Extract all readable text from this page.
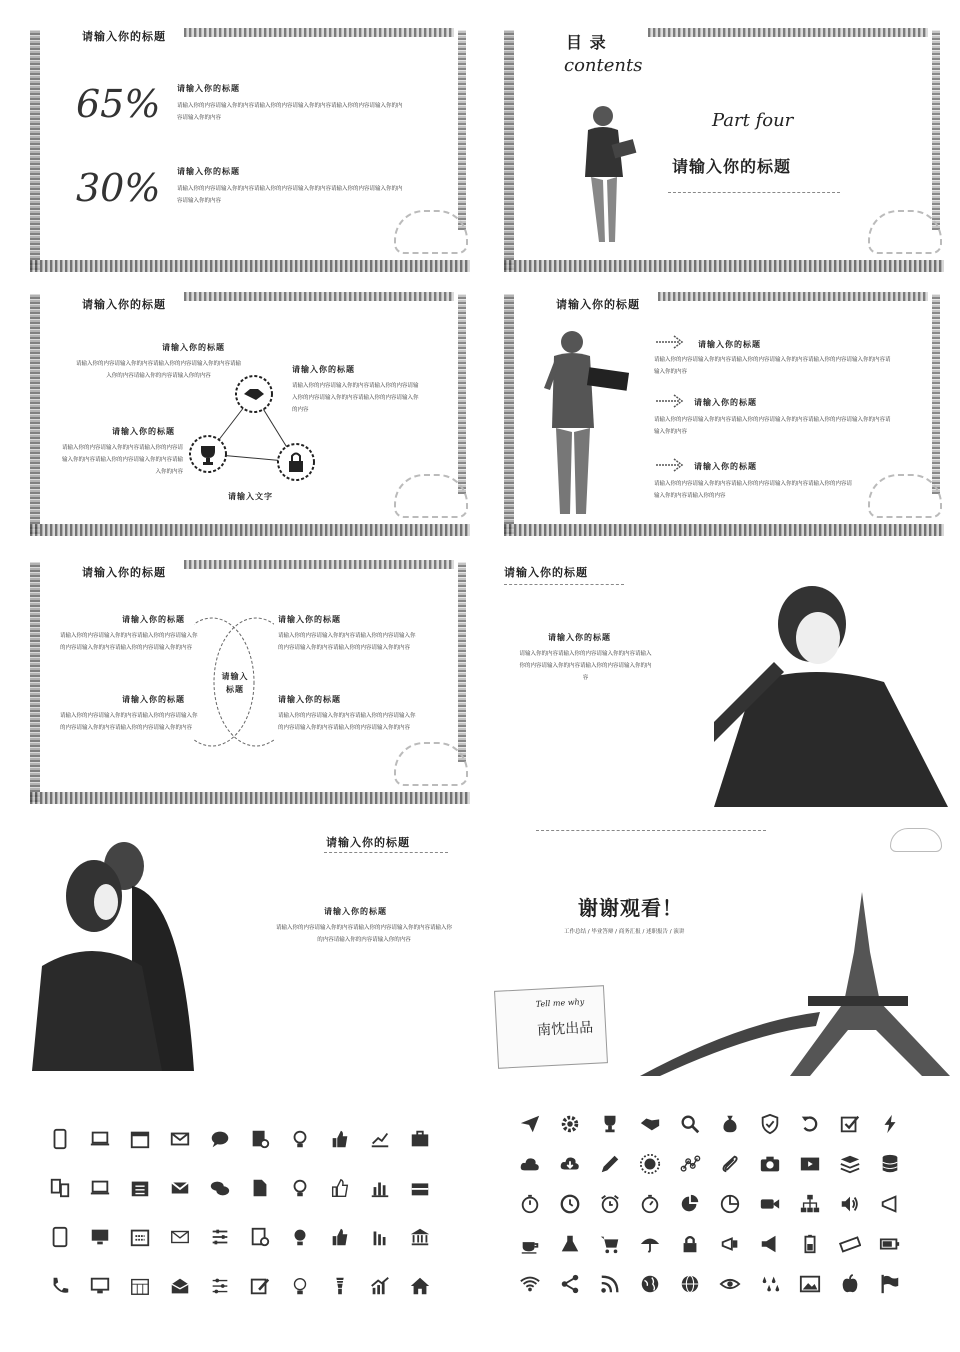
请输入你的标题
65% 请输入你的标题
请输入你的内容请输入你的内容请输入你的内容请输入你的内容请输入你的内容请输入你的内容请输入你的内容
30% 请输入你的标题
请输入你的内容请输入你的内容请输入你的内容请输入你的内容请输入你的内容请输入你的内容请输入你的内容
目 录
contents
Part four
请输入你的标题
请输入你的标题
请输入你的标题
请输入你的内容请输入你的内容请输入你的内容请输入你的内容请输入你的内容请输入你的内容请输入你的内容
请输入你的标题
请输入你的内容请输入你的内容请输入你的内容请输入你的内容请输入你的内容请输入你的内容请输入你的内容
请输入你的标题
请输入你的内容请输入你的内容请输入你的内容请输入你的内容请输入你的内容请输入你的内容请输入你的内容
请输入文字
请输入你的标题
请输入你的标题
请输入你的内容请输入你的内容请输入你的内容请输入你的内容请输入你的内容请输入你的内容请输入你的内容
请输入你的标题
请输入你的内容请输入你的内容请输入你的内容请输入你的内容请输入你的内容请输入你的内容请输入你的内容
请输入你的标题
请输入你的内容请输入你的内容请输入你的内容请输入你的内容请输入你的内容请输入你的内容请输入你的内容
请输入你的标题
请输入标题
请输入你的标题
请输入你的内容请输入你的内容请输入你的内容请输入你的内容请输入你的内容请输入你的内容请输入你的内容
请输入你的标题
请输入你的内容请输入你的内容请输入你的内容请输入你的内容请输入你的内容请输入你的内容请输入你的内容
请输入你的标题
请输入你的内容请输入你的内容请输入你的内容请输入你的内容请输入你的内容请输入你的内容请输入你的内容
请输入你的标题
请输入你的内容请输入你的内容请输入你的内容请输入你的内容请输入你的内容请输入你的内容请输入你的内容
请输入你的标题
请输入你的标题
请输入你的内容请输入你的内容请输入你的内容请输入你的内容请输入你的内容请输入你的内容请输入你的内容
请输入你的标题
请输入你的标题
请输入你的内容请输入你的内容请输入你的内容请输入你的内容请输入你的内容请输入你的内容请输入你的内容
谢谢观看！
工作总结 / 毕业答辩 / 商务汇报 / 述职报告 / 演讲
Tell me why
南忱出品
